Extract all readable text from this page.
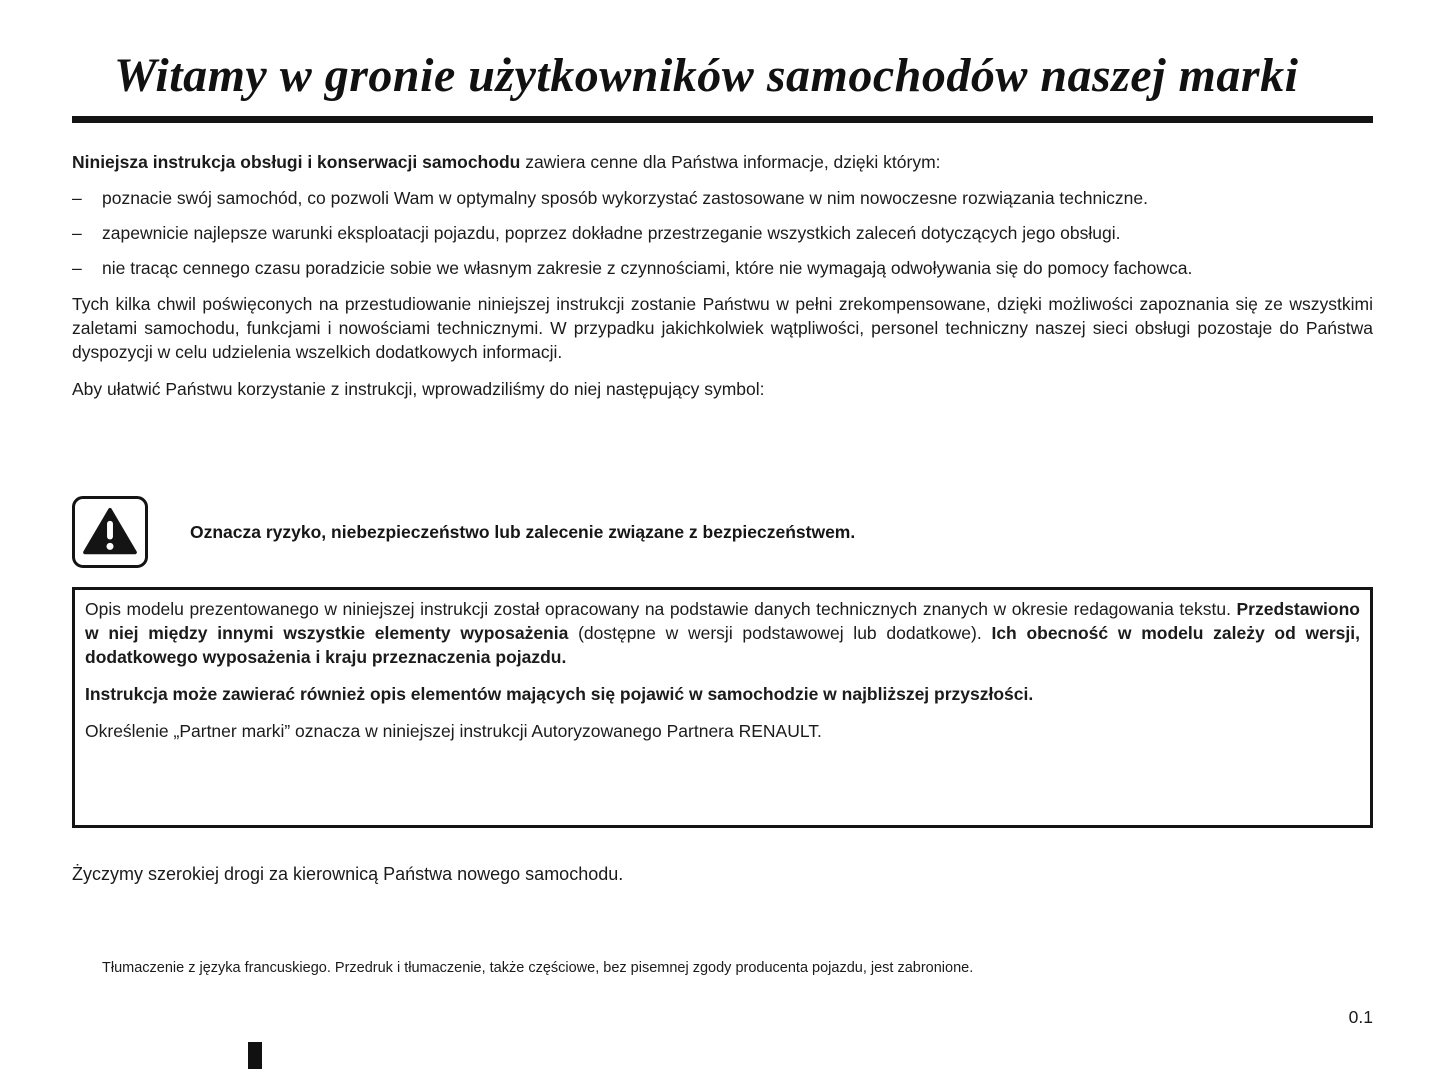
Witamy w gronie użytkowników samochodów naszej marki

Niniejsza instrukcja obsługi i konserwacji samochodu zawiera cenne dla Państwa informacje, dzięki którym:

–	poznacie swój samochód, co pozwoli Wam w optymalny sposób wykorzystać zastosowane w nim nowoczesne rozwiązania techniczne.
–	zapewnicie najlepsze warunki eksploatacji pojazdu, poprzez dokładne przestrzeganie wszystkich zaleceń dotyczących jego obsługi.
–	nie tracąc cennego czasu poradzicie sobie we własnym zakresie z czynnościami, które nie wymagają odwoływania się do pomocy fachowca.

Tych kilka chwil poświęconych na przestudiowanie niniejszej instrukcji zostanie Państwu w pełni zrekompensowane, dzięki możliwości zapoznania się ze wszystkimi zaletami samochodu, funkcjami i nowościami technicznymi. W przypadku jakichkolwiek wątpliwości, personel techniczny naszej sieci obsługi pozostaje do Państwa dyspozycji w celu udzielenia wszelkich dodatkowych informacji.

Aby ułatwić Państwu korzystanie z instrukcji, wprowadziliśmy do niej następujący symbol:

Oznacza ryzyko, niebezpieczeństwo lub zalecenie związane z bezpieczeństwem.

Opis modelu prezentowanego w niniejszej instrukcji został opracowany na podstawie danych technicznych znanych w okresie redagowania tekstu. Przedstawiono w niej między innymi wszystkie elementy wyposażenia (dostępne w wersji podstawowej lub dodatkowe). Ich obecność w modelu zależy od wersji, dodatkowego wyposażenia i kraju przeznaczenia pojazdu.

Instrukcja może zawierać również opis elementów mających się pojawić w samochodzie w najbliższej przyszłości.

Określenie „Partner marki” oznacza w niniejszej instrukcji Autoryzowanego Partnera RENAULT.

Życzymy szerokiej drogi za kierownicą Państwa nowego samochodu.

Tłumaczenie z języka francuskiego. Przedruk i tłumaczenie, także częściowe, bez pisemnej zgody producenta pojazdu, jest zabronione.

0.1
